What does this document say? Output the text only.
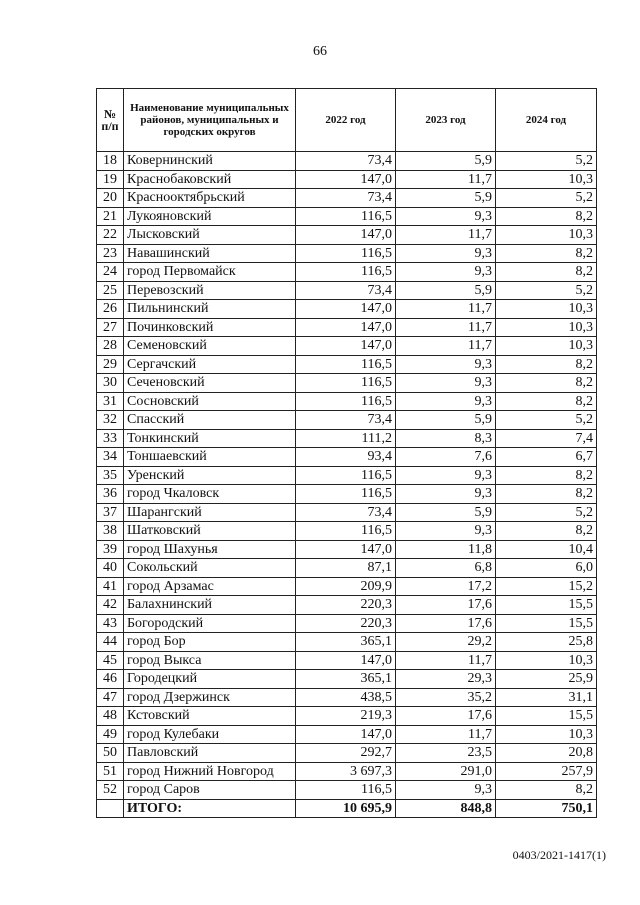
66
№ п/п	Наименование муниципальных районов, муниципальных и городских округов	2022 год	2023 год	2024 год
18	Ковернинский	73,4	5,9	5,2
19	Краснобаковский	147,0	11,7	10,3
20	Краснооктябрьский	73,4	5,9	5,2
21	Лукояновский	116,5	9,3	8,2
22	Лысковский	147,0	11,7	10,3
23	Навашинский	116,5	9,3	8,2
24	город Первомайск	116,5	9,3	8,2
25	Перевозский	73,4	5,9	5,2
26	Пильнинский	147,0	11,7	10,3
27	Починковский	147,0	11,7	10,3
28	Семеновский	147,0	11,7	10,3
29	Сергачский	116,5	9,3	8,2
30	Сеченовский	116,5	9,3	8,2
31	Сосновский	116,5	9,3	8,2
32	Спасский	73,4	5,9	5,2
33	Тонкинский	111,2	8,3	7,4
34	Тоншаевский	93,4	7,6	6,7
35	Уренский	116,5	9,3	8,2
36	город Чкаловск	116,5	9,3	8,2
37	Шарангский	73,4	5,9	5,2
38	Шатковский	116,5	9,3	8,2
39	город Шахунья	147,0	11,8	10,4
40	Сокольский	87,1	6,8	6,0
41	город Арзамас	209,9	17,2	15,2
42	Балахнинский	220,3	17,6	15,5
43	Богородский	220,3	17,6	15,5
44	город Бор	365,1	29,2	25,8
45	город Выкса	147,0	11,7	10,3
46	Городецкий	365,1	29,3	25,9
47	город Дзержинск	438,5	35,2	31,1
48	Кстовский	219,3	17,6	15,5
49	город Кулебаки	147,0	11,7	10,3
50	Павловский	292,7	23,5	20,8
51	город Нижний Новгород	3 697,3	291,0	257,9
52	город Саров	116,5	9,3	8,2
	ИТОГО:	10 695,9	848,8	750,1
0403/2021-1417(1)
